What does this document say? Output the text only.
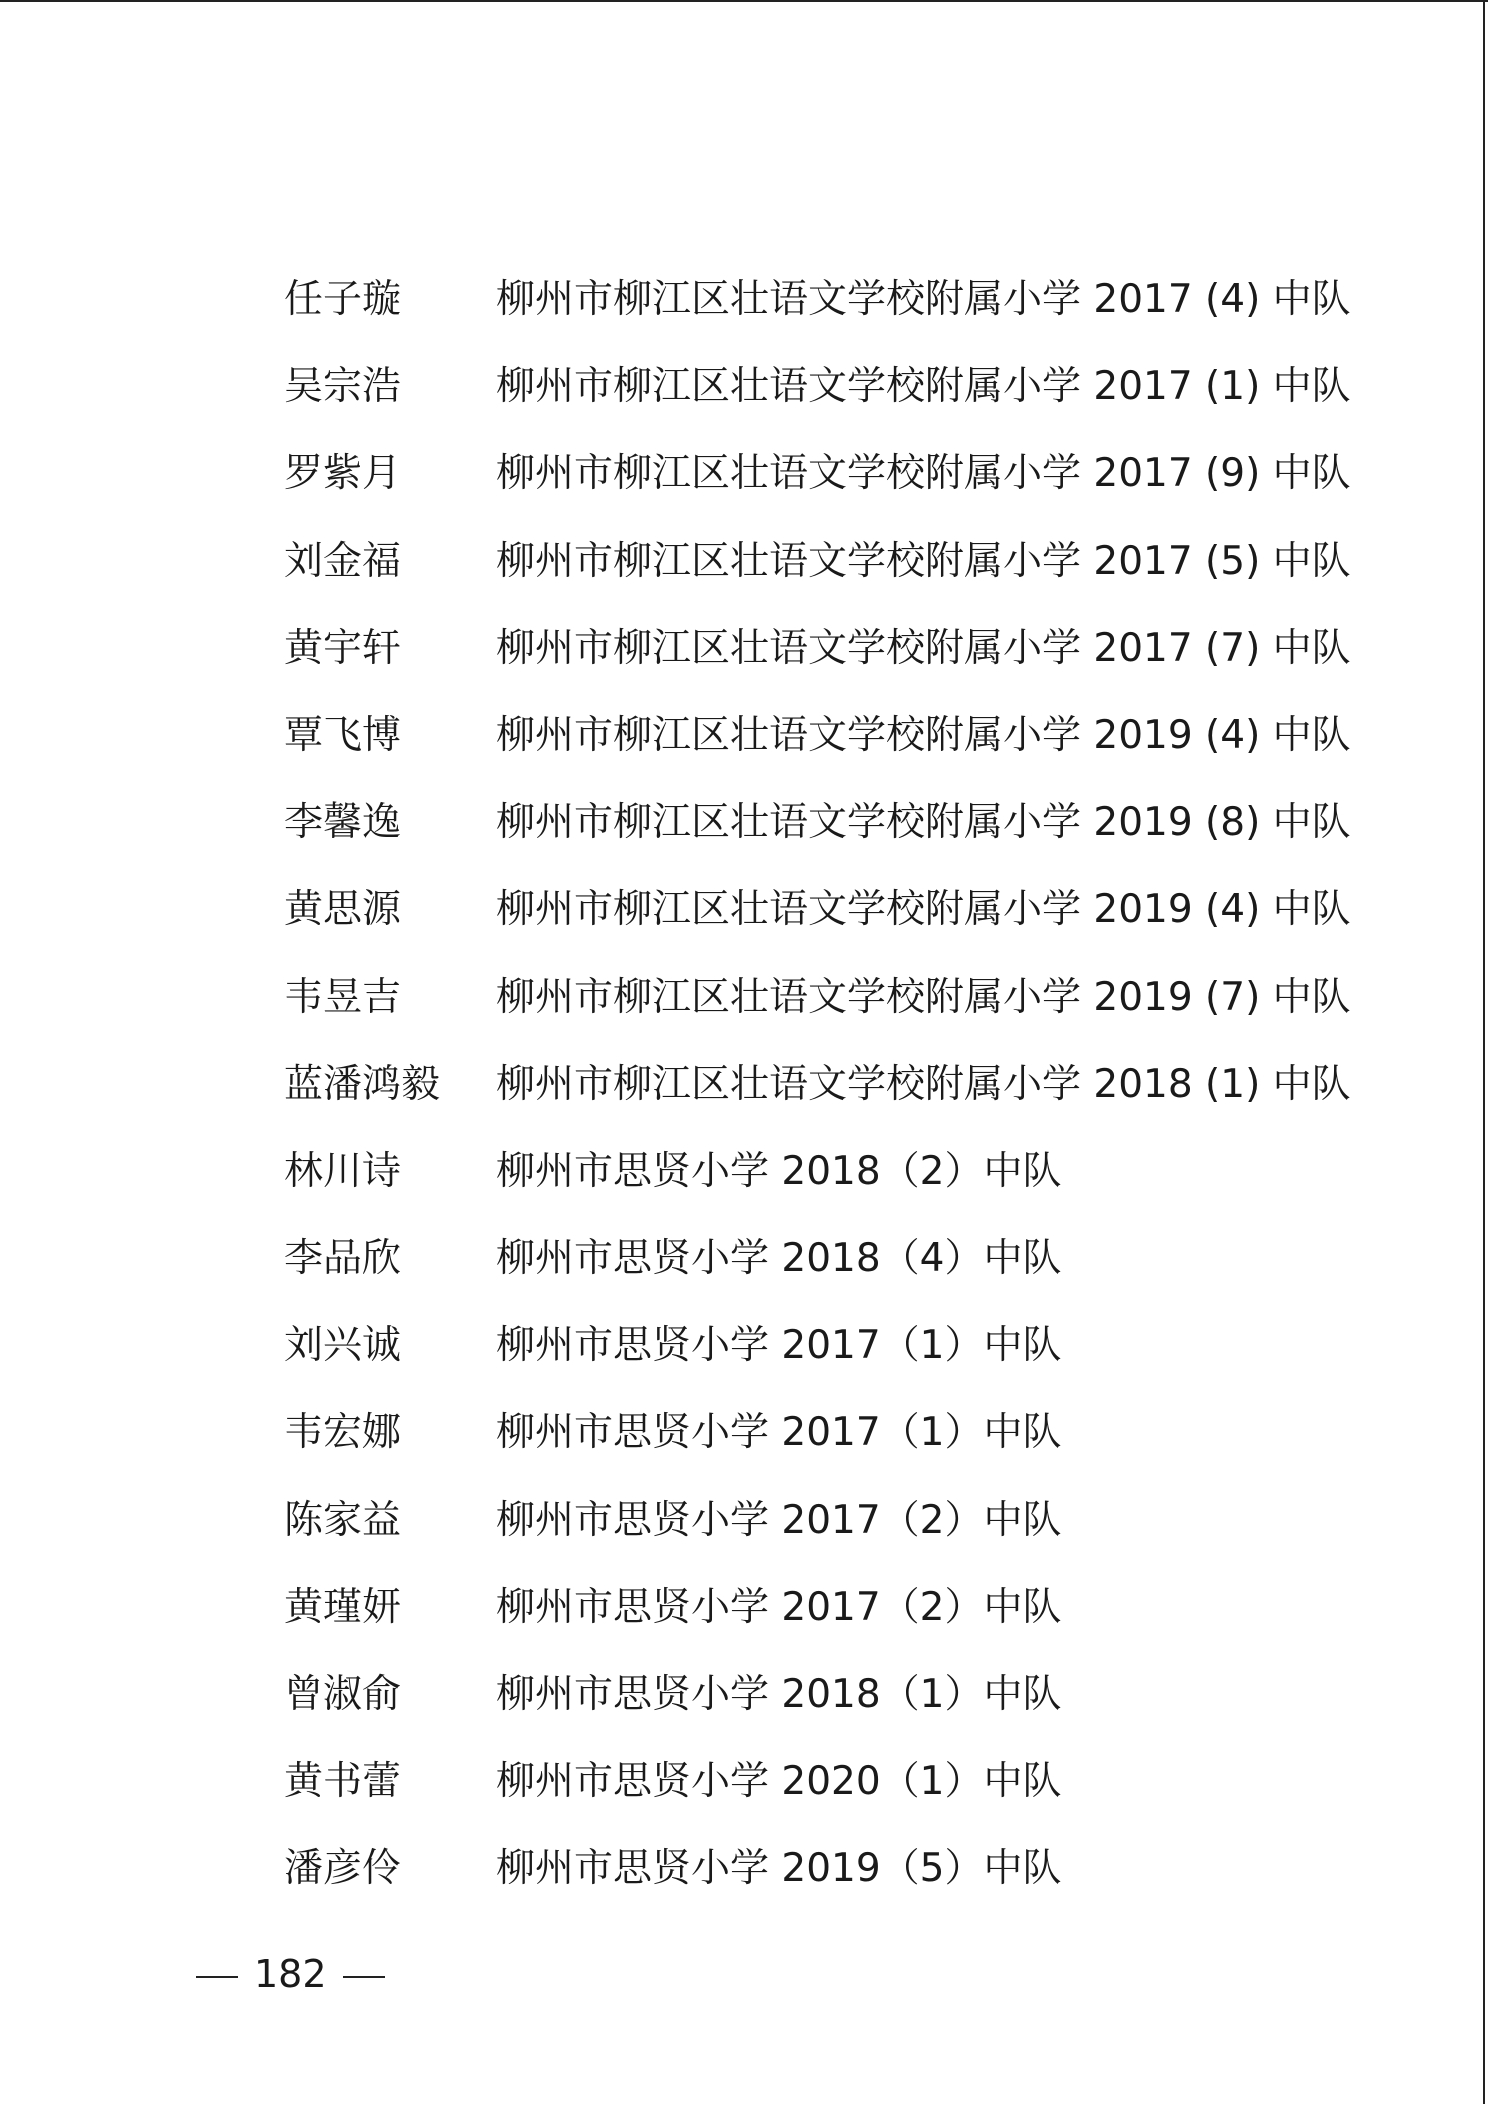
任子璇 柳州市柳江区壮语文学校附属小学 2017 (4) 中队
吴宗浩 柳州市柳江区壮语文学校附属小学 2017 (1) 中队
罗紫月 柳州市柳江区壮语文学校附属小学 2017 (9) 中队
刘金福 柳州市柳江区壮语文学校附属小学 2017 (5) 中队
黄宇轩 柳州市柳江区壮语文学校附属小学 2017 (7) 中队
覃飞博 柳州市柳江区壮语文学校附属小学 2019 (4) 中队
李馨逸 柳州市柳江区壮语文学校附属小学 2019 (8) 中队
黄思源 柳州市柳江区壮语文学校附属小学 2019 (4) 中队
韦昱吉 柳州市柳江区壮语文学校附属小学 2019 (7) 中队
蓝潘鸿毅 柳州市柳江区壮语文学校附属小学 2018 (1) 中队
林川诗 柳州市思贤小学 2018（2）中队
李品欣 柳州市思贤小学 2018（4）中队
刘兴诚 柳州市思贤小学 2017（1）中队
韦宏娜 柳州市思贤小学 2017（1）中队
陈家益 柳州市思贤小学 2017（2）中队
黄瑾妍 柳州市思贤小学 2017（2）中队
曾淑俞 柳州市思贤小学 2018（1）中队
黄书蕾 柳州市思贤小学 2020（1）中队
潘彦伶 柳州市思贤小学 2019（5）中队
182
